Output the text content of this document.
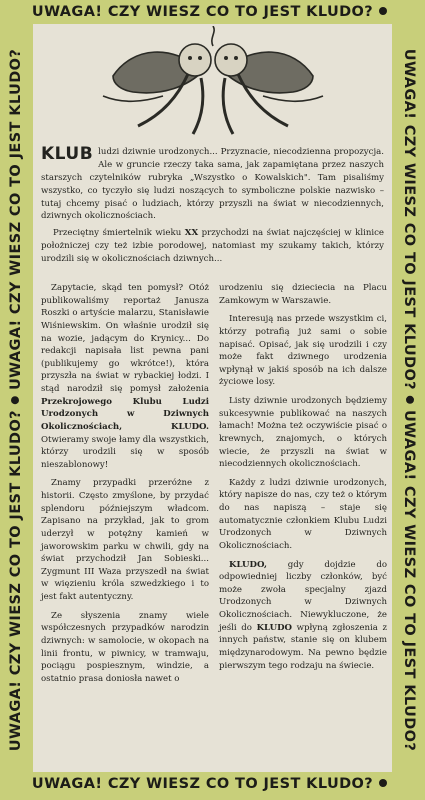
UWAGA! CZY WIESZ CO TO JEST KLUDO?
UWAGA! CZY WIESZ CO TO JEST KLUDO?UWAGA! CZY WIESZ CO TO JEST KLUDO?	UWAGA! CZY WIESZ CO TO JEST KLUDO?UWAGA! CZY WIESZ CO TO JEST KLUDO?
UWAGA! CZY WIESZ CO TO JEST KLUDO?

KLUB ludzi dziwnie urodzonych... Przyznacie, niecodzienna propozycja. Ale w gruncie rzeczy taka sama, jak zapamiętana przez naszych starszych czytelników rubryka „Wszystko o Kowalskich". Tam pisaliśmy wszystko, co tyczyło się ludzi noszących to symboliczne polskie nazwisko – tutaj chcemy pisać o ludziach, którzy przyszli na świat w niecodziennych, dziwnych okolicznościach.

Przeciętny śmiertelnik wieku XX przychodzi na świat najczęściej w klinice położniczej czy też izbie porodowej, natomiast my szukamy takich, którzy urodzili się w okolicznościach dziwnych...

Zapytacie, skąd ten pomysł? Otóż publikowaliśmy reportaż Janusza Roszki o artyście malarzu, Stanisławie Wiśniewskim. On właśnie urodził się na wozie, jadącym do Krynicy... Do redakcji napisała list pewna pani (publikujemy go wkrótce!), która przyszła na świat w rybackiej łodzi. I stąd narodził się pomysł założenia Przekrojowego Klubu Ludzi Urodzonych w Dziwnych Okolicznościach, KLUDO. Otwieramy swoje łamy dla wszystkich, którzy urodzili się w sposób nieszablonowy!

Znamy przypadki przeróżne z historii. Często zmyślone, by przydać splendoru późniejszym władcom. Zapisano na przykład, jak to grom uderzył w potężny kamień w jaworowskim parku w chwili, gdy na świat przychodził Jan Sobieski... Zygmunt III Waza przyszedł na świat w więzieniu króla szwedzkiego i to jest fakt autentyczny.

Ze słyszenia znamy wiele współczesnych przypadków narodzin dziwnych: w samolocie, w okopach na linii frontu, w piwnicy, w tramwaju, pociągu pospiesznym, windzie, a ostatnio prasa doniosła nawet o

urodzeniu się dzieciecia na Placu Zamkowym w Warszawie.

Interesują nas przede wszystkim ci, którzy potrafią już sami o sobie napisać. Opisać, jak się urodzili i czy może fakt dziwnego urodzenia wpłynął w jakiś sposób na ich dalsze życiowe losy.

Listy dziwnie urodzonych będziemy sukcesywnie publikować na naszych łamach! Można też oczywiście pisać o krewnych, znajomych, o których wiecie, że przyszli na świat w niecodziennych okolicznościach.

Każdy z ludzi dziwnie urodzonych, który napisze do nas, czy też o którym do nas napiszą – staje się automatycznie członkiem Klubu Ludzi Urodzonych w Dziwnych Okolicznościach.

KLUDO, gdy dojdzie do odpowiedniej liczby członków, być może zwoła specjalny zjazd Urodzonych w Dziwnych Okolicznościach. Niewykluczone, że jeśli do KLUDO wpłyną zgłoszenia z innych państw, stanie się on klubem międzynarodowym. Na pewno będzie pierwszym tego rodzaju na świecie.
